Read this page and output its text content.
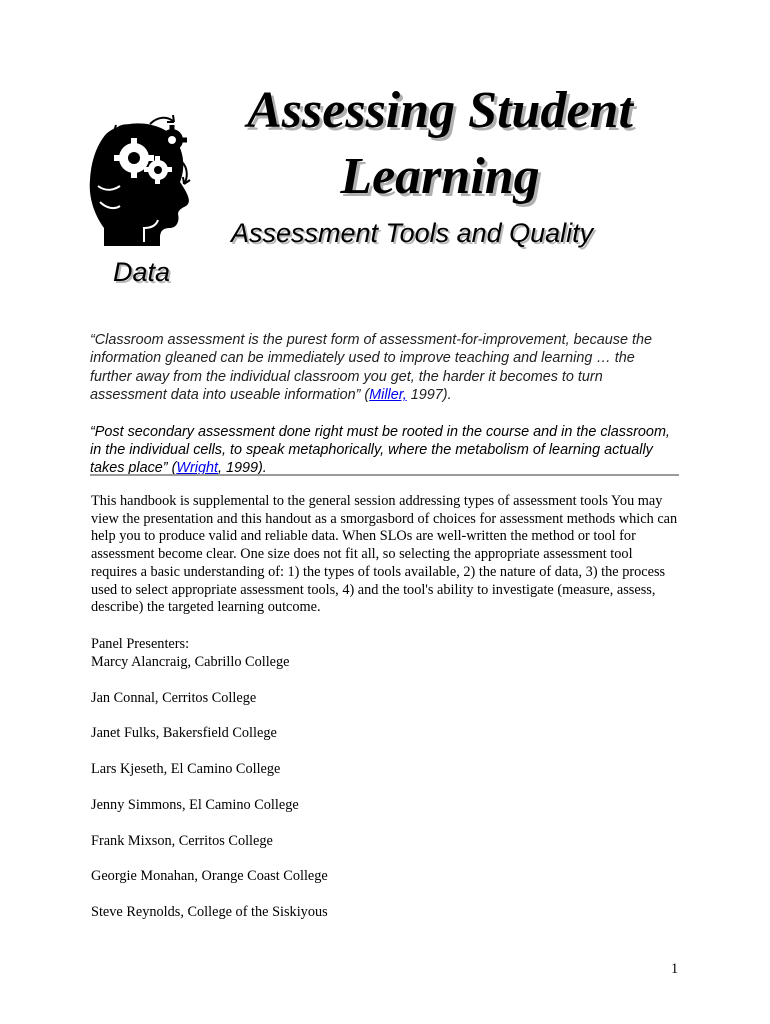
Assessing Student

Learning

Assessment Tools and Quality

Data

“Classroom assessment is the purest form of assessment-for-improvement, because the information gleaned can be immediately used to improve teaching and learning … the further away from the individual classroom you get, the harder it becomes to turn assessment data into useable information” (Miller, 1997).

“Post secondary assessment done right must be rooted in the course and in the classroom, in the individual cells, to speak metaphorically, where the metabolism of learning actually takes place” (Wright, 1999).

This handbook is supplemental to the general session addressing types of assessment tools You may view the presentation and this handout as a smorgasbord of choices for assessment methods which can help you to produce valid and reliable data. When SLOs are well-written the method or tool for assessment become clear. One size does not fit all, so selecting the appropriate assessment tool requires a basic understanding of: 1) the types of tools available, 2) the nature of data, 3) the process used to select appropriate assessment tools, 4) and the tool's ability to investigate (measure, assess, describe) the targeted learning outcome.

Panel Presenters:

Marcy Alancraig, Cabrillo College

Jan Connal, Cerritos College

Janet Fulks, Bakersfield College

Lars Kjeseth, El Camino College

Jenny Simmons, El Camino College

Frank Mixson, Cerritos College

Georgie Monahan, Orange Coast College

Steve Reynolds, College of the Siskiyous

1
